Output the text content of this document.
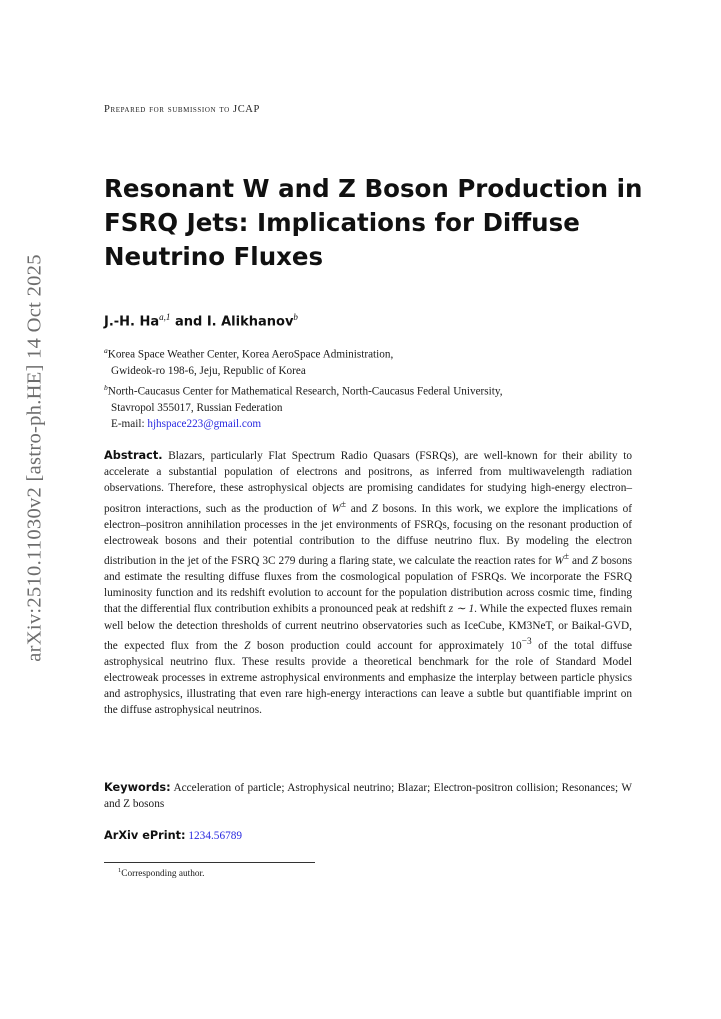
arXiv:2510.11030v2 [astro-ph.HE] 14 Oct 2025
Prepared for submission to JCAP
Resonant W and Z Boson Production in FSRQ Jets: Implications for Diffuse Neutrino Fluxes
J.-H. Ha$^{a,1}$ and I. Alikhanov$^b$
$^a$Korea Space Weather Center, Korea AeroSpace Administration,
Gwideok-ro 198-6, Jeju, Republic of Korea
$^b$North-Caucasus Center for Mathematical Research, North-Caucasus Federal University,
Stavropol 355017, Russian Federation
E-mail: hjhspace223@gmail.com
Abstract. Blazars, particularly Flat Spectrum Radio Quasars (FSRQs), are well-known for their ability to accelerate a substantial population of electrons and positrons, as inferred from multiwavelength radiation observations. Therefore, these astrophysical objects are promising candidates for studying high-energy electron–positron interactions, such as the production of W± and Z bosons. In this work, we explore the implications of electron–positron annihilation processes in the jet environments of FSRQs, focusing on the resonant production of electroweak bosons and their potential contribution to the diffuse neutrino flux. By modeling the electron distribution in the jet of the FSRQ 3C 279 during a flaring state, we calculate the reaction rates for W± and Z bosons and estimate the resulting diffuse fluxes from the cosmological population of FSRQs. We incorporate the FSRQ luminosity function and its redshift evolution to account for the population distribution across cosmic time, finding that the differential flux contribution exhibits a pronounced peak at redshift z ∼ 1. While the expected fluxes remain well below the detection thresholds of current neutrino observatories such as IceCube, KM3NeT, or Baikal-GVD, the expected flux from the Z boson production could account for approximately $10^{-3}$ of the total diffuse astrophysical neutrino flux. These results provide a theoretical benchmark for the role of Standard Model electroweak processes in extreme astrophysical environments and emphasize the interplay between particle physics and astrophysics, illustrating that even rare high-energy interactions can leave a subtle but quantifiable imprint on the diffuse astrophysical neutrinos.
Keywords: Acceleration of particle; Astrophysical neutrino; Blazar; Electron-positron collision; Resonances; W and Z bosons
ArXiv ePrint: 1234.56789
$^1$Corresponding author.
